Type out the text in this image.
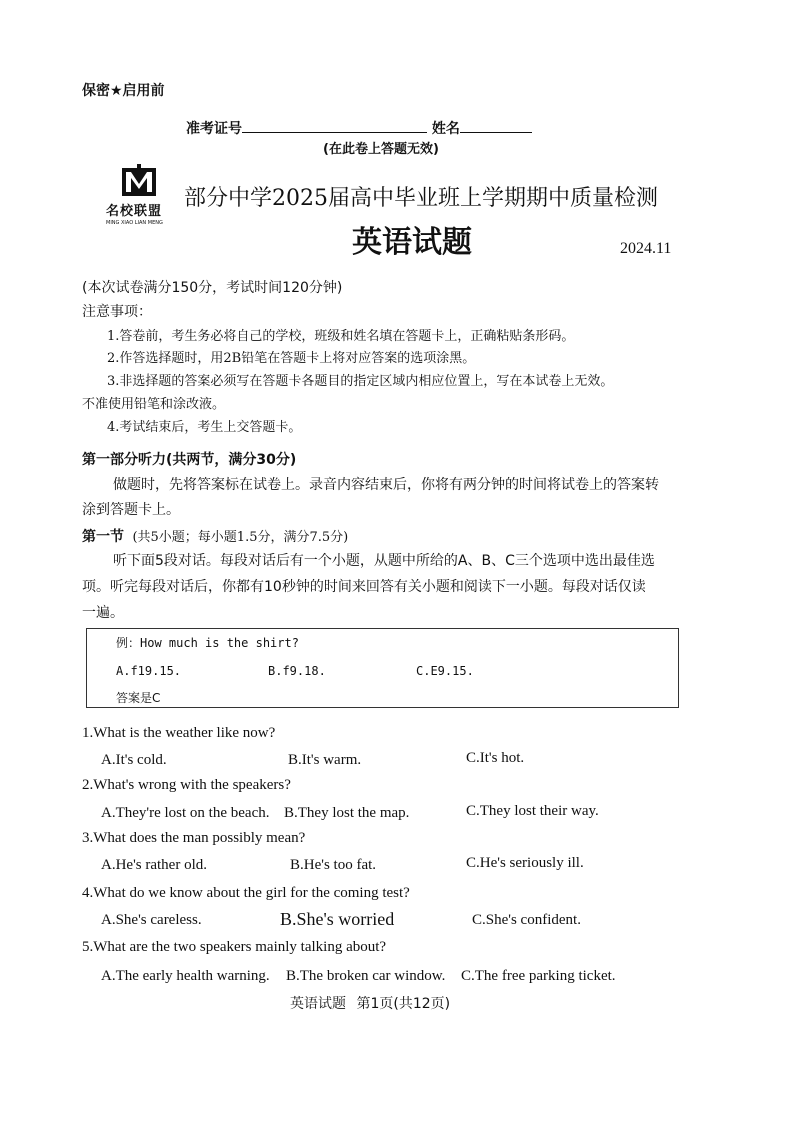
保密★启用前
准考证号	姓名
(在此卷上答题无效)
名校联盟
MING XIAO LIAN MENG
部分中学2025届高中毕业班上学期期中质量检测
英语试题	2024.11
(本次试卷满分150分，考试时间120分钟)
注意事项：
1.答卷前，考生务必将自己的学校，班级和姓名填在答题卡上，正确粘贴条形码。
2.作答选择题时，用2B铅笔在答题卡上将对应答案的选项涂黑。
3.非选择题的答案必须写在答题卡各题目的指定区域内相应位置上，写在本试卷上无效。
不准使用铅笔和涂改液。
4.考试结束后，考生上交答题卡。
第一部分听力(共两节，满分30分)
做题时，先将答案标在试卷上。录音内容结束后，你将有两分钟的时间将试卷上的答案转
涂到答题卡上。
第一节 (共5小题；每小题1.5分，满分7.5分)
听下面5段对话。每段对话后有一个小题，从题中所给的A、B、C三个选项中选出最佳选
项。听完每段对话后，你都有10秒钟的时间来回答有关小题和阅读下一小题。每段对话仅读
一遍。
例：How much is the shirt?
A.f19.15.	B.f9.18.	C.E9.15.
答案是C
1.What is the weather like now?
A.It's cold.	B.It's warm.	C.It's hot.
2.What's wrong with the speakers?
A.They're lost on the beach. B.They lost the map.	C.They lost their way.
3.What does the man possibly mean?
A.He's rather old.	B.He's too fat.	C.He's seriously ill.
4.What do we know about the girl for the coming test?
A.She's careless.	B.She's worried	C.She's confident.
5.What are the two speakers mainly talking about?
A.The early health warning. B.The broken car window. C.The free parking ticket.
英语试题 第1页(共12页)
